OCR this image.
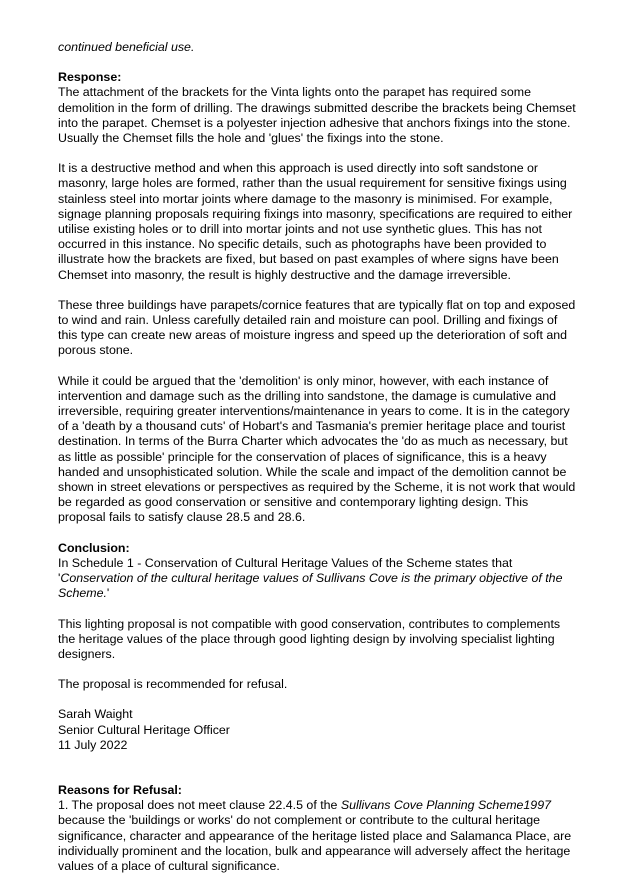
continued beneficial use.

Response:

The attachment of the brackets for the Vinta lights onto the parapet has required some demolition in the form of drilling. The drawings submitted describe the brackets being Chemset into the parapet. Chemset is a polyester injection adhesive that anchors fixings into the stone. Usually the Chemset fills the hole and 'glues' the fixings into the stone.

It is a destructive method and when this approach is used directly into soft sandstone or masonry, large holes are formed, rather than the usual requirement for sensitive fixings using stainless steel into mortar joints where damage to the masonry is minimised. For example, signage planning proposals requiring fixings into masonry, specifications are required to either utilise existing holes or to drill into mortar joints and not use synthetic glues. This has not occurred in this instance. No specific details, such as photographs have been provided to illustrate how the brackets are fixed, but based on past examples of where signs have been Chemset into masonry, the result is highly destructive and the damage irreversible.

These three buildings have parapets/cornice features that are typically flat on top and exposed to wind and rain. Unless carefully detailed rain and moisture can pool. Drilling and fixings of this type can create new areas of moisture ingress and speed up the deterioration of soft and porous stone.

While it could be argued that the 'demolition' is only minor, however, with each instance of intervention and damage such as the drilling into sandstone, the damage is cumulative and irreversible, requiring greater interventions/maintenance in years to come. It is in the category of a 'death by a thousand cuts' of Hobart's and Tasmania's premier heritage place and tourist destination. In terms of the Burra Charter which advocates the 'do as much as necessary, but as little as possible' principle for the conservation of places of significance, this is a heavy handed and unsophisticated solution. While the scale and impact of the demolition cannot be shown in street elevations or perspectives as required by the Scheme, it is not work that would be regarded as good conservation or sensitive and contemporary lighting design. This proposal fails to satisfy clause 28.5 and 28.6.

Conclusion:

In Schedule 1 - Conservation of Cultural Heritage Values of the Scheme states that 'Conservation of the cultural heritage values of Sullivans Cove is the primary objective of the Scheme.'

This lighting proposal is not compatible with good conservation, contributes to complements the heritage values of the place through good lighting design by involving specialist lighting designers.

The proposal is recommended for refusal.

Sarah Waight

Senior Cultural Heritage Officer

11 July 2022

Reasons for Refusal:

1. The proposal does not meet clause 22.4.5 of the Sullivans Cove Planning Scheme1997 because the 'buildings or works' do not complement or contribute to the cultural heritage significance, character and appearance of the heritage listed place and Salamanca Place, are individually prominent and the location, bulk and appearance will adversely affect the heritage values of a place of cultural significance.
